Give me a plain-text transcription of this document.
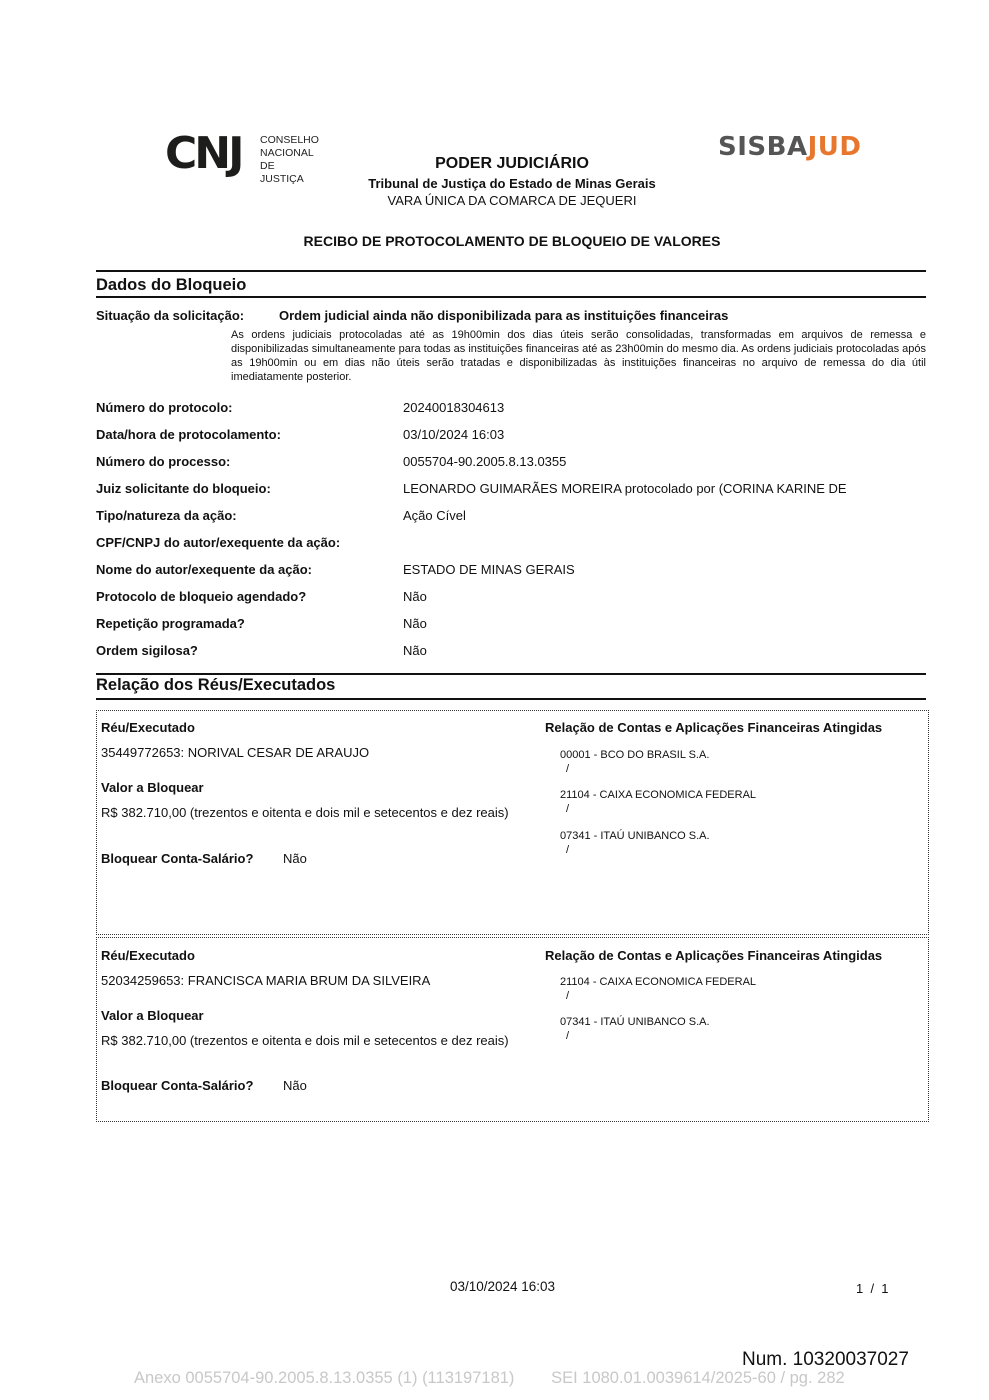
CNJ CONSELHO
NACIONAL
DE JUSTIÇA
SISBAJUD
PODER JUDICIÁRIO
Tribunal de Justiça do Estado de Minas Gerais
VARA ÚNICA DA COMARCA DE JEQUERI
RECIBO DE PROTOCOLAMENTO DE BLOQUEIO DE VALORES
Dados do Bloqueio
Situação da solicitação:	Ordem judicial ainda não disponibilizada para as instituições financeiras
As ordens judiciais protocoladas até as 19h00min dos dias úteis serão consolidadas, transformadas em arquivos de remessa e disponibilizadas simultaneamente para todas as instituições financeiras até as 23h00min do mesmo dia. As ordens judiciais protocoladas após as 19h00min ou em dias não úteis serão tratadas e disponibilizadas às instituições financeiras no arquivo de remessa do dia útil imediatamente posterior.
Número do protocolo:	20240018304613
Data/hora de protocolamento:	03/10/2024 16:03
Número do processo:	0055704-90.2005.8.13.0355
Juiz solicitante do bloqueio:	LEONARDO GUIMARÃES MOREIRA protocolado por (CORINA KARINE DE
Tipo/natureza da ação:	Ação Cível
CPF/CNPJ do autor/exequente da ação:
Nome do autor/exequente da ação:	ESTADO DE MINAS GERAIS
Protocolo de bloqueio agendado?	Não
Repetição programada?	Não
Ordem sigilosa?	Não
Relação dos Réus/Executados
Réu/Executado
35449772653: NORIVAL CESAR DE ARAUJO
Valor a Bloquear
R$ 382.710,00 (trezentos e oitenta e dois mil e setecentos e dez reais)
Bloquear Conta-Salário? Não
Relação de Contas e Aplicações Financeiras Atingidas
00001 - BCO DO BRASIL S.A.
/
21104 - CAIXA ECONOMICA FEDERAL
/
07341 - ITAÚ UNIBANCO S.A.
/
Réu/Executado
52034259653: FRANCISCA MARIA BRUM DA SILVEIRA
Valor a Bloquear
R$ 382.710,00 (trezentos e oitenta e dois mil e setecentos e dez reais)
Bloquear Conta-Salário? Não
Relação de Contas e Aplicações Financeiras Atingidas
21104 - CAIXA ECONOMICA FEDERAL
/
07341 - ITAÚ UNIBANCO S.A.
/
03/10/2024 16:03	1  /  1
Num. 10320037027
Anexo 0055704-90.2005.8.13.0355 (1) (113197181)        SEI 1080.01.0039614/2025-60 / pg. 282
